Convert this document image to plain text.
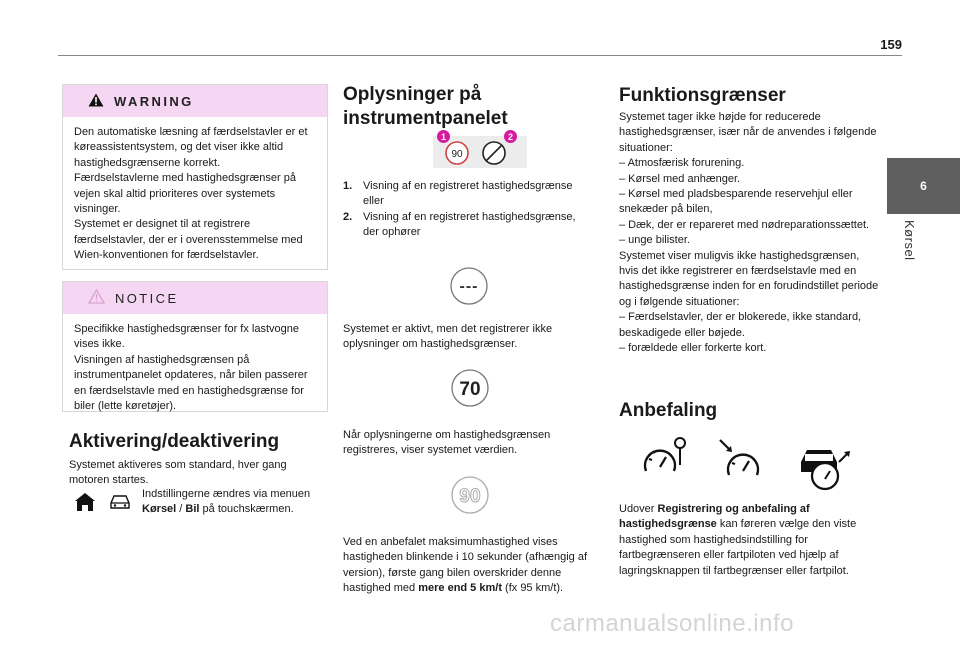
159
6
Kørsel
WARNING
Den automatiske læsning af færdselstavler er et køreassistentsystem, og det viser ikke altid hastighedsgrænserne korrekt.
Færdselstavlerne med hastighedsgrænser på vejen skal altid prioriteres over systemets visninger.
Systemet er designet til at registrere færdselstavler, der er i overensstemmelse med Wien-konventionen for færdselstavler.
NOTICE
Specifikke hastighedsgrænser for fx lastvogne vises ikke.
Visningen af hastighedsgrænsen på instrumentpanelet opdateres, når bilen passerer en færdselstavle med en hastighedsgrænse for biler (lette køretøjer).
Aktivering/deaktivering
Systemet aktiveres som standard, hver gang motoren startes.
Indstillingerne ændres via menuen
Kørsel / Bil på touchskærmen.
Oplysninger på instrumentpanelet
90
1	2
1. Visning af en registreret hastighedsgrænse eller
2. Visning af en registreret hastighedsgrænse, der ophører
---
Systemet er aktivt, men det registrerer ikke oplysninger om hastighedsgrænser.
70
Når oplysningerne om hastighedsgrænsen registreres, viser systemet værdien.
90
Ved en anbefalet maksimumhastighed vises hastigheden blinkende i 10 sekunder (afhængig af version), første gang bilen overskrider denne hastighed med mere end 5 km/t (fx 95 km/t).
Funktionsgrænser
Systemet tager ikke højde for reducerede hastighedsgrænser, især når de anvendes i følgende situationer:
– Atmosfærisk forurening.
– Kørsel med anhænger.
– Kørsel med pladsbesparende reservehjul eller snekæder på bilen,
– Dæk, der er repareret med nødreparationssættet.
– unge bilister.
Systemet viser muligvis ikke hastighedsgrænsen, hvis det ikke registrerer en færdselstavle med en hastighedsgrænse inden for en forudindstillet periode og i følgende situationer:
– Færdselstavler, der er blokerede, ikke standard, beskadigede eller bøjede.
– forældede eller forkerte kort.
Anbefaling
Udover Registrering og anbefaling af hastighedsgrænse kan føreren vælge den viste hastighed som hastighedsindstilling for fartbegrænseren eller fartpiloten ved hjælp af lagringsknappen til fartbegrænser eller fartpilot.
carmanualsonline.info
